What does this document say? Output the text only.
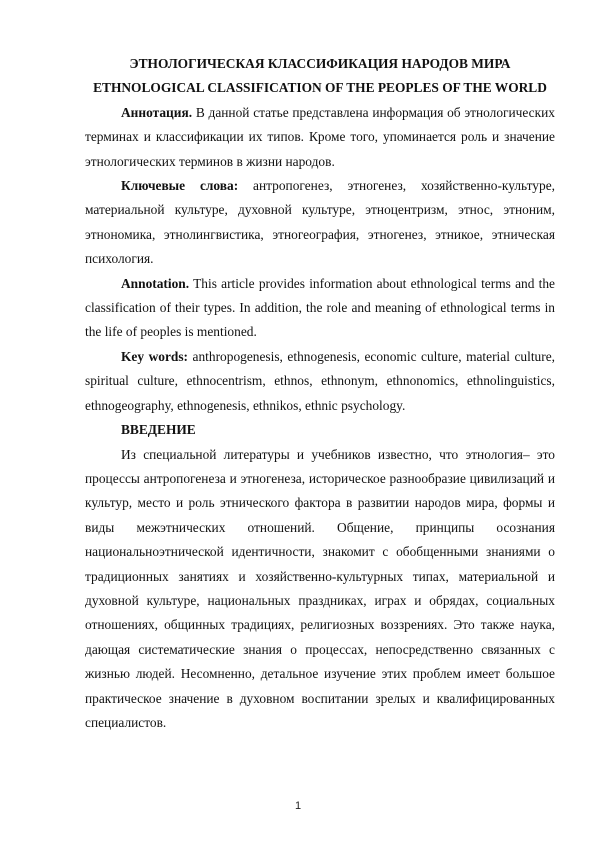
ЭТНОЛОГИЧЕСКАЯ КЛАССИФИКАЦИЯ НАРОДОВ МИРА
ETHNOLOGICAL CLASSIFICATION OF THE PEOPLES OF THE WORLD

Аннотация. В данной статье представлена информация об этнологических терминах и классификации их типов. Кроме того, упоминается роль и значение этнологических терминов в жизни народов.

Ключевые слова: антропогенез, этногенез, хозяйственно-культуре, материальной культуре, духовной культуре, этноцентризм, этнос, этноним, этнономика, этнолингвистика, этногеография, этногенез, этникое, этническая психология.

Annotation. This article provides information about ethnological terms and the classification of their types. In addition, the role and meaning of ethnological terms in the life of peoples is mentioned.

Key words: anthropogenesis, ethnogenesis, economic culture, material culture, spiritual culture, ethnocentrism, ethnos, ethnonym, ethnonomics, ethnolinguistics, ethnogeography, ethnogenesis, ethnikos, ethnic psychology.

ВВЕДЕНИЕ

Из специальной литературы и учебников известно, что этнология– это процессы антропогенеза и этногенеза, историческое разнообразие цивилизаций и культур, место и роль этнического фактора в развитии народов мира, формы и виды межэтнических отношений. Общение, принципы осознания национальноэтнической идентичности, знакомит с обобщенными знаниями о традиционных занятиях и хозяйственно-культурных типах, материальной и духовной культуре, национальных праздниках, играх и обрядах, социальных отношениях, общинных традициях, религиозных воззрениях. Это также наука, дающая систематические знания о процессах, непосредственно связанных с жизнью людей. Несомненно, детальное изучение этих проблем имеет большое практическое значение в духовном воспитании зрелых и квалифицированных специалистов.

1
